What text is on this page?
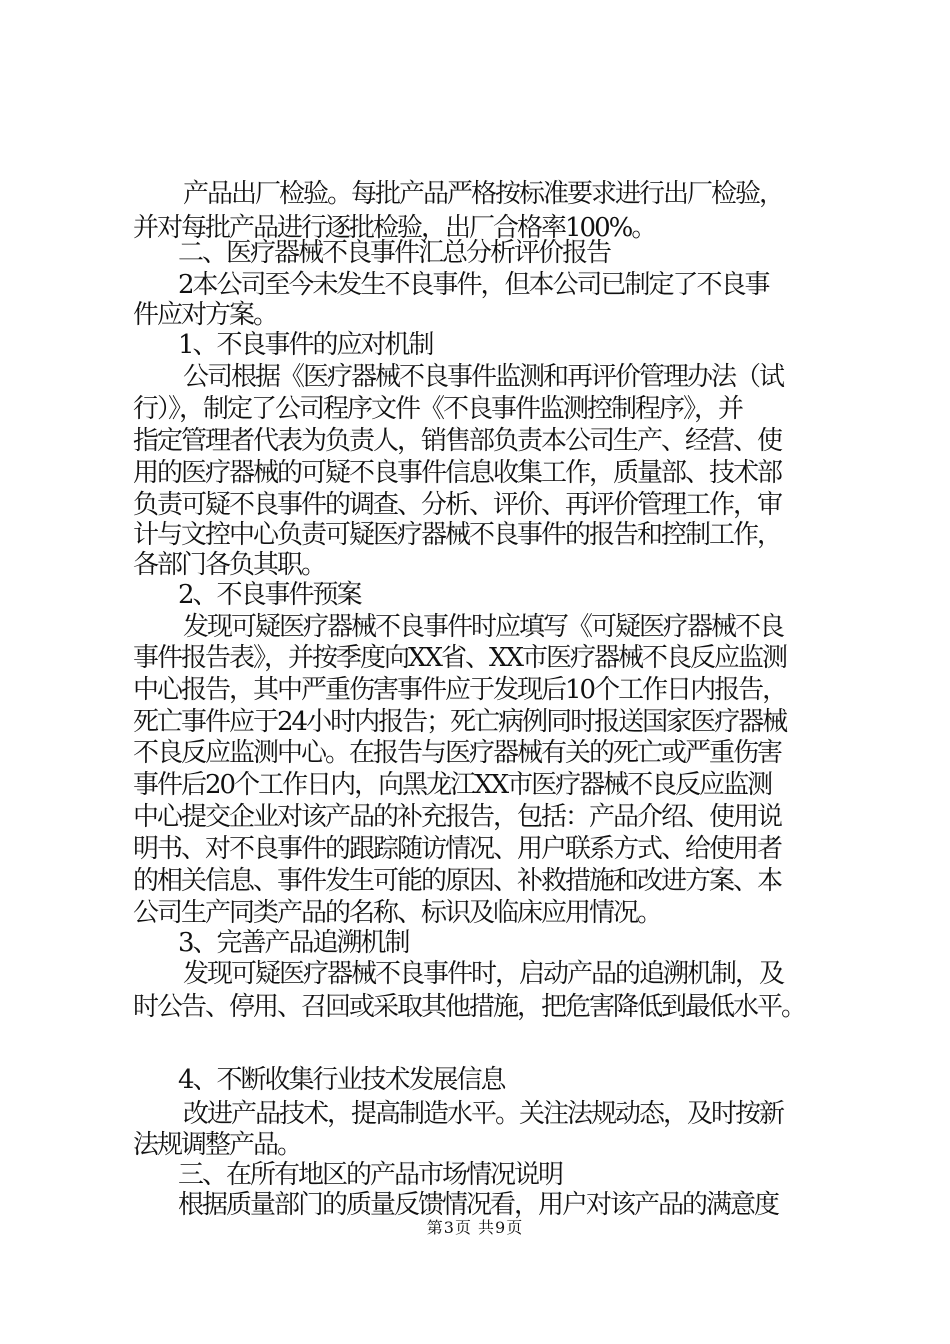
产品出厂检验。每批产品严格按标准要求进行出厂检验，
并对每批产品进行逐批检验，出厂合格率100%。
二、医疗器械不良事件汇总分析评价报告
2本公司至今未发生不良事件，但本公司已制定了不良事
件应对方案。
1、不良事件的应对机制
公司根据《医疗器械不良事件监测和再评价管理办法（试
行）》，制定了公司程序文件《不良事件监测控制程序》，并
指定管理者代表为负责人，销售部负责本公司生产、经营、使
用的医疗器械的可疑不良事件信息收集工作，质量部、技术部
负责可疑不良事件的调查、分析、评价、再评价管理工作，审
计与文控中心负责可疑医疗器械不良事件的报告和控制工作，
各部门各负其职。
2、不良事件预案
发现可疑医疗器械不良事件时应填写《可疑医疗器械不良
事件报告表》，并按季度向XX省、XX市医疗器械不良反应监测
中心报告，其中严重伤害事件应于发现后10个工作日内报告，
死亡事件应于24小时内报告；死亡病例同时报送国家医疗器械
不良反应监测中心。在报告与医疗器械有关的死亡或严重伤害
事件后20个工作日内，向黑龙江XX市医疗器械不良反应监测
中心提交企业对该产品的补充报告，包括：产品介绍、使用说
明书、对不良事件的跟踪随访情况、用户联系方式、给使用者
的相关信息、事件发生可能的原因、补救措施和改进方案、本
公司生产同类产品的名称、标识及临床应用情况。
3、完善产品追溯机制
发现可疑医疗器械不良事件时，启动产品的追溯机制，及
时公告、停用、召回或采取其他措施，把危害降低到最低水平。
4、不断收集行业技术发展信息
改进产品技术，提高制造水平。关注法规动态，及时按新
法规调整产品。
三、在所有地区的产品市场情况说明
根据质量部门的质量反馈情况看，用户对该产品的满意度
第3页 共9页
